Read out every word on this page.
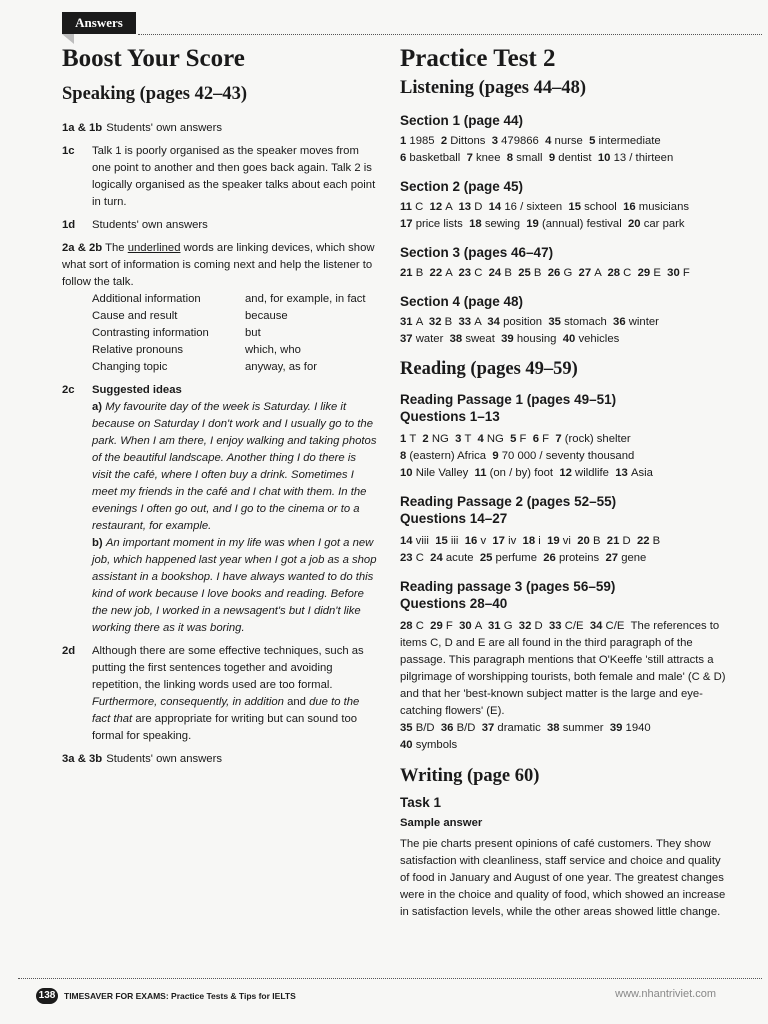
Answers
Boost Your Score
Speaking (pages 42–43)
1a & 1b Students' own answers
1c	Talk 1 is poorly organised as the speaker moves from one point to another and then goes back again. Talk 2 is logically organised as the speaker talks about each point in turn.
1d	Students' own answers
2a & 2b The underlined words are linking devices, which show what sort of information is coming next and help the listener to follow the talk.
Additional information	and, for example, in fact
Cause and result	because
Contrasting information	but
Relative pronouns	which, who
Changing topic	anyway, as for
2c	Suggested ideas
a) My favourite day of the week is Saturday. I like it because on Saturday I don't work and I usually go to the park. When I am there, I enjoy walking and taking photos of the beautiful landscape. Another thing I do there is visit the café, where I often buy a drink. Sometimes I meet my friends in the café and I chat with them. In the evenings I often go out, and I go to the cinema or to a restaurant, for example.
b) An important moment in my life was when I got a new job, which happened last year when I got a job as a shop assistant in a bookshop. I have always wanted to do this kind of work because I love books and reading. Before the new job, I worked in a newsagent's but I didn't like working there as it was boring.
2d	Although there are some effective techniques, such as putting the first sentences together and avoiding repetition, the linking words used are too formal. Furthermore, consequently, in addition and due to the fact that are appropriate for writing but can sound too formal for speaking.
3a & 3b Students' own answers
Practice Test 2
Listening (pages 44–48)
Section 1 (page 44)
1 1985 2 Dittons 3 479866 4 nurse 5 intermediate
6 basketball 7 knee 8 small 9 dentist 10 13 / thirteen
Section 2 (page 45)
11 C 12 A 13 D 14 16 / sixteen 15 school 16 musicians
17 price lists 18 sewing 19 (annual) festival 20 car park
Section 3 (pages 46–47)
21 B 22 A 23 C 24 B 25 B 26 G 27 A 28 C 29 E 30 F
Section 4 (page 48)
31 A 32 B 33 A 34 position 35 stomach 36 winter
37 water 38 sweat 39 housing 40 vehicles
Reading (pages 49–59)
Reading Passage 1 (pages 49–51)
Questions 1–13
1 T 2 NG 3 T 4 NG 5 F 6 F 7 (rock) shelter
8 (eastern) Africa 9 70 000 / seventy thousand
10 Nile Valley 11 (on / by) foot 12 wildlife 13 Asia
Reading Passage 2 (pages 52–55)
Questions 14–27
14 viii 15 iii 16 v 17 iv 18 i 19 vi 20 B 21 D 22 B
23 C 24 acute 25 perfume 26 proteins 27 gene
Reading passage 3 (pages 56–59)
Questions 28–40
28 C 29 F 30 A 31 G 32 D 33 C/E 34 C/E The references to items C, D and E are all found in the third paragraph of the passage. This paragraph mentions that O'Keeffe 'still attracts a pilgrimage of worshipping tourists, both female and male' (C & D) and that her 'best-known subject matter is the large and eye-catching flowers' (E).
35 B/D 36 B/D 37 dramatic 38 summer 39 1940
40 symbols
Writing (page 60)
Task 1
Sample answer
The pie charts present opinions of café customers. They show satisfaction with cleanliness, staff service and choice and quality of food in January and August of one year. The greatest changes were in the choice and quality of food, which showed an increase in satisfaction levels, while the other areas showed little change.
138	TIMESAVER FOR EXAMS: Practice Tests & Tips for IELTS	www.nhantriviet.com
